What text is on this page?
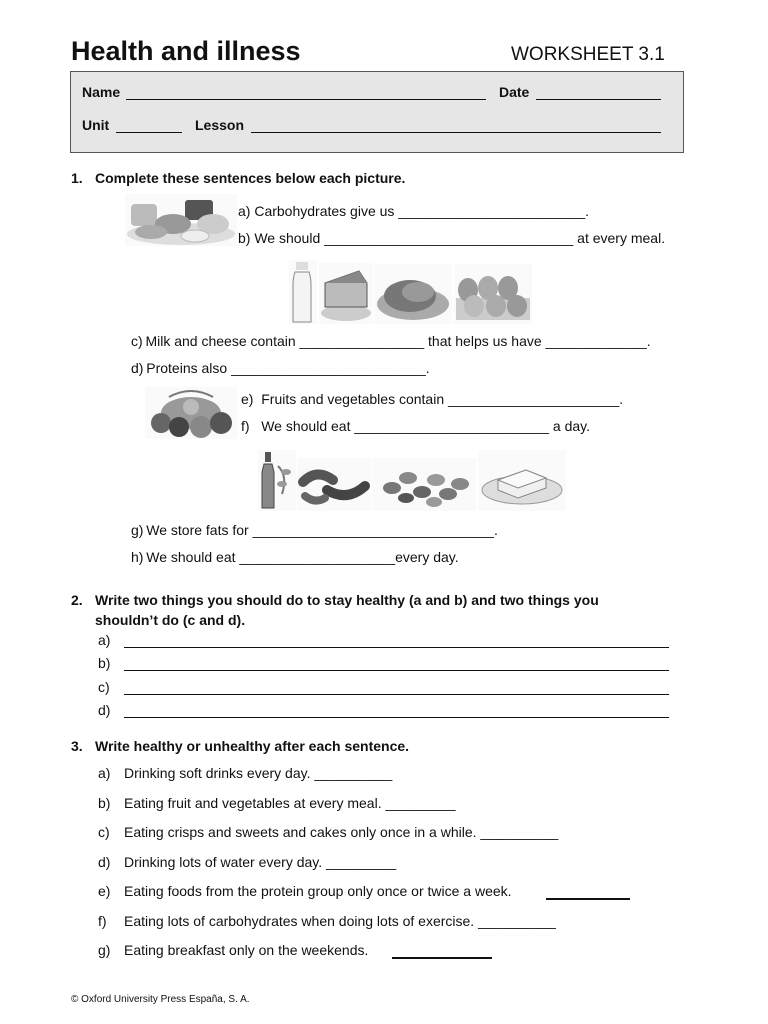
Health and illness	WORKSHEET 3.1
Name	Date
Unit	Lesson
1. Complete these sentences below each picture.
a) Carbohydrates give us ________________________.
b) We should ________________________________ at every meal.
c) Milk and cheese contain ________________ that helps us have _____________.
d) Proteins also _________________________.
e)  Fruits and vegetables contain ______________________.
f)   We should eat _________________________ a day.
g) We store fats for _______________________________.
h) We should eat ____________________every day.
2. Write two things you should do to stay healthy (a and b) and two things you
shouldn’t do (c and d).
a)
b)
c)
d)
3. Write healthy or unhealthy after each sentence.
a) Drinking soft drinks every day. __________
b) Eating fruit and vegetables at every meal. _________
c) Eating crisps and sweets and cakes only once in a while. __________
d) Drinking lots of water every day. _________
e) Eating foods from the protein group only once or twice a week.
f) Eating lots of carbohydrates when doing lots of exercise. __________
g) Eating breakfast only on the weekends.
© Oxford University Press España, S. A.
